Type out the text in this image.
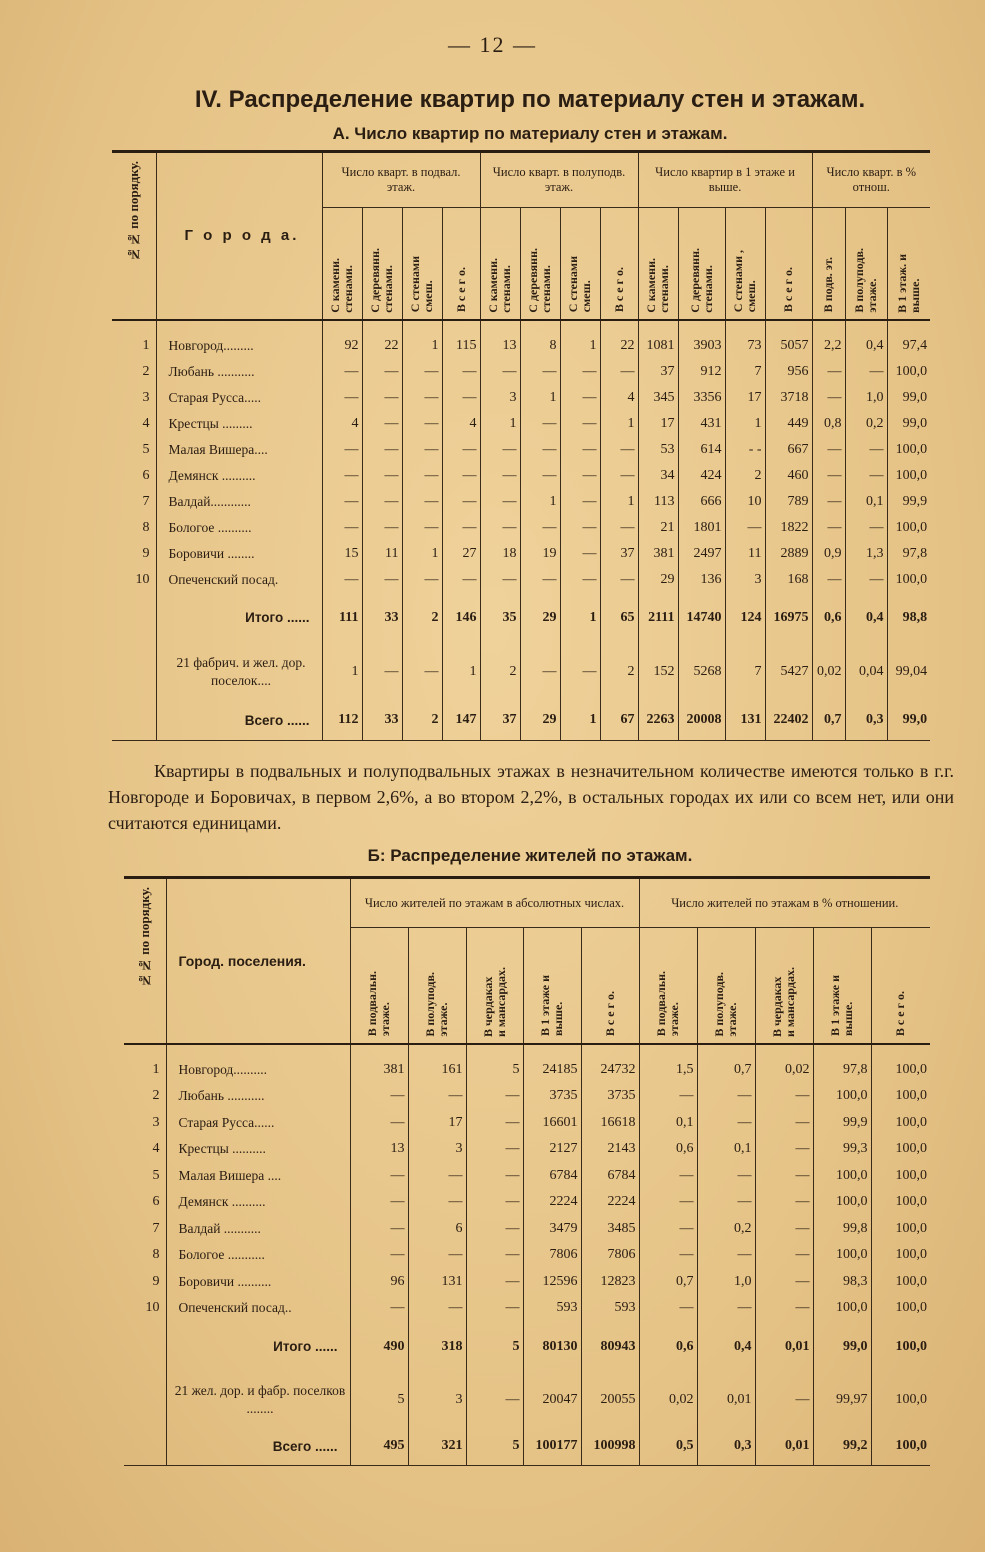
— 12 —
IV. Распределение квартир по материалу стен и этажам.
А. Число квартир по материалу стен и этажам.
№№ по порядку.	Г о р о д а.	Число кварт. в подвал. этаж.				Число кварт. в полуподв. этаж.				Число квартир в 1 этаже и выше.				Число кварт. в % отнош.		

		С камени.
стенами.	С деревянн.
стенами.	С стенами
смеш.	В с е г о.	С камени.
стенами.	С деревянн.
стенами.	С стенами
смеш.	В с е г о.	С камени.
стенами.	С деревянн.
стенами.	С стенами ,
смеш.	В с е г о.	В подв. эт.	В полуподв.
этаже.	В 1 этаж. и
выше.

1	Новгород.........	92	22	1	115	13	8	1	22	1081	3903	73	5057	2,2	0,4	97,4
2	Любань ...........	—	—	—	—	—	—	—	—	37	912	7	956	—	—	100,0
3	Старая Русса.....	—	—	—	—	3	1	—	4	345	3356	17	3718	—	1,0	99,0
4	Крестцы .........	4	—	—	4	1	—	—	1	17	431	1	449	0,8	0,2	99,0
5	Малая Вишера....	—	—	—	—	—	—	—	—	53	614	- -	667	—	—	100,0
6	Демянск ..........	—	—	—	—	—	—	—	—	34	424	2	460	—	—	100,0
7	Валдай............	—	—	—	—	—	1	—	1	113	666	10	789	—	0,1	99,9
8	Бологое ..........	—	—	—	—	—	—	—	—	21	1801	—	1822	—	—	100,0
9	Боровичи ........	15	11	1	27	18	19	—	37	381	2497	11	2889	0,9	1,3	97,8
10	Опеченский посад.	—	—	—	—	—	—	—	—	29	136	3	168	—	—	100,0
	Итого ......	111	33	2	146	35	29	1	65	2111	14740	124	16975	0,6	0,4	98,8
	21 фабрич. и жел. дор. поселок....	1	—	—	1	2	—	—	2	152	5268	7	5427	0,02	0,04	99,04
	Всего ......	112	33	2	147	37	29	1	67	2263	20008	131	22402	0,7	0,3	99,0
Квартиры в подвальных и полуподвальных этажах в незначительном количестве имеются только в г.г. Новгороде и Боровичах, в первом 2,6%, а во втором 2,2%, в остальных городах их или со всем нет, или они считаются единицами.
Б: Распределение жителей по этажам.
№№ по порядку.	Город. поселения.	Число жителей по этажам в абсолютных числах.					Число жителей по этажам в % отношении.				

		В подвальн.
этаже.	В полуподв.
этаже.	В чердаках
и мансардах.	В 1 этаже и
выше.	В с е г о.	В подвальн.
этаже.	В полуподв.
этаже.	В чердаках
и мансардах.	В 1 этаже и
выше.	В с е г о.

1	Новгород..........	381	161	5	24185	24732	1,5	0,7	0,02	97,8	100,0
2	Любань ...........	—	—	—	3735	3735	—	—	—	100,0	100,0
3	Старая Русса......	—	17	—	16601	16618	0,1	—	—	99,9	100,0
4	Крестцы ..........	13	3	—	2127	2143	0,6	0,1	—	99,3	100,0
5	Малая Вишера ....	—	—	—	6784	6784	—	—	—	100,0	100,0
6	Демянск ..........	—	—	—	2224	2224	—	—	—	100,0	100,0
7	Валдай ...........	—	6	—	3479	3485	—	0,2	—	99,8	100,0
8	Бологое ...........	—	—	—	7806	7806	—	—	—	100,0	100,0
9	Боровичи ..........	96	131	—	12596	12823	0,7	1,0	—	98,3	100,0
10	Опеченский посад..	—	—	—	593	593	—	—	—	100,0	100,0
	Итого ......	490	318	5	80130	80943	0,6	0,4	0,01	99,0	100,0
	21 жел. дор. и фабр. поселков ........	5	3	—	20047	20055	0,02	0,01	—	99,97	100,0
	Всего ......	495	321	5	100177	100998	0,5	0,3	0,01	99,2	100,0
